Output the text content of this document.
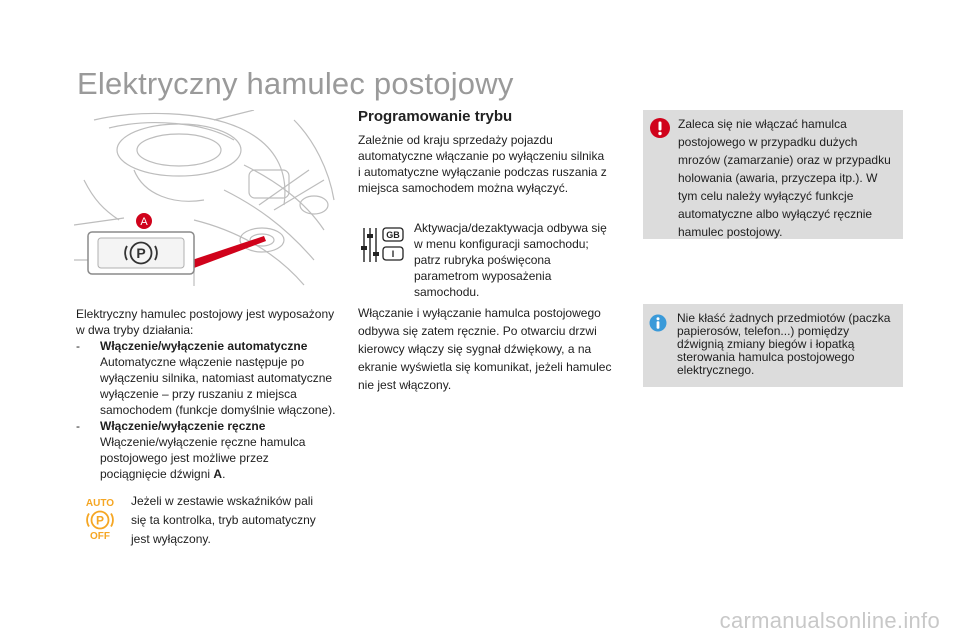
Elektryczny hamulec postojowy
A
P
Elektryczny hamulec postojowy jest wyposażony w dwa tryby działania:
-	Włączenie/wyłączenie automatyczne
Automatyczne włączenie następuje po wyłączeniu silnika, natomiast automatyczne wyłączenie – przy ruszaniu z miejsca samochodem (funkcje domyślnie włączone).
-	Włączenie/wyłączenie ręczne
Włączenie/wyłączenie ręczne hamulca postojowego jest możliwe przez pociągnięcie dźwigni A.
AUTO
P
OFF
Jeżeli w zestawie wskaźników pali się ta kontrolka, tryb automatyczny jest wyłączony.
Programowanie trybu
Zależnie od kraju sprzedaży pojazdu automatyczne włączanie po wyłączeniu silnika i automatyczne wyłączanie podczas ruszania z miejsca samochodem można wyłączyć.
GB
I
Aktywacja/dezaktywacja odbywa się w menu konfiguracji samochodu; patrz rubryka poświęcona parametrom wyposażenia samochodu.
Włączanie i wyłączanie hamulca postojowego odbywa się zatem ręcznie. Po otwarciu drzwi kierowcy włączy się sygnał dźwiękowy, a na ekranie wyświetla się komunikat, jeżeli hamulec nie jest włączony.
Zaleca się nie włączać hamulca postojowego w przypadku dużych mrozów (zamarzanie) oraz w przypadku holowania (awaria, przyczepa itp.). W tym celu należy wyłączyć funkcje automatyczne albo wyłączyć ręcznie hamulec postojowy.
Nie kłaść żadnych przedmiotów (paczka papierosów, telefon...) pomiędzy dźwignią zmiany biegów i łopatką sterowania hamulca postojowego elektrycznego.
carmanualsonline.info
